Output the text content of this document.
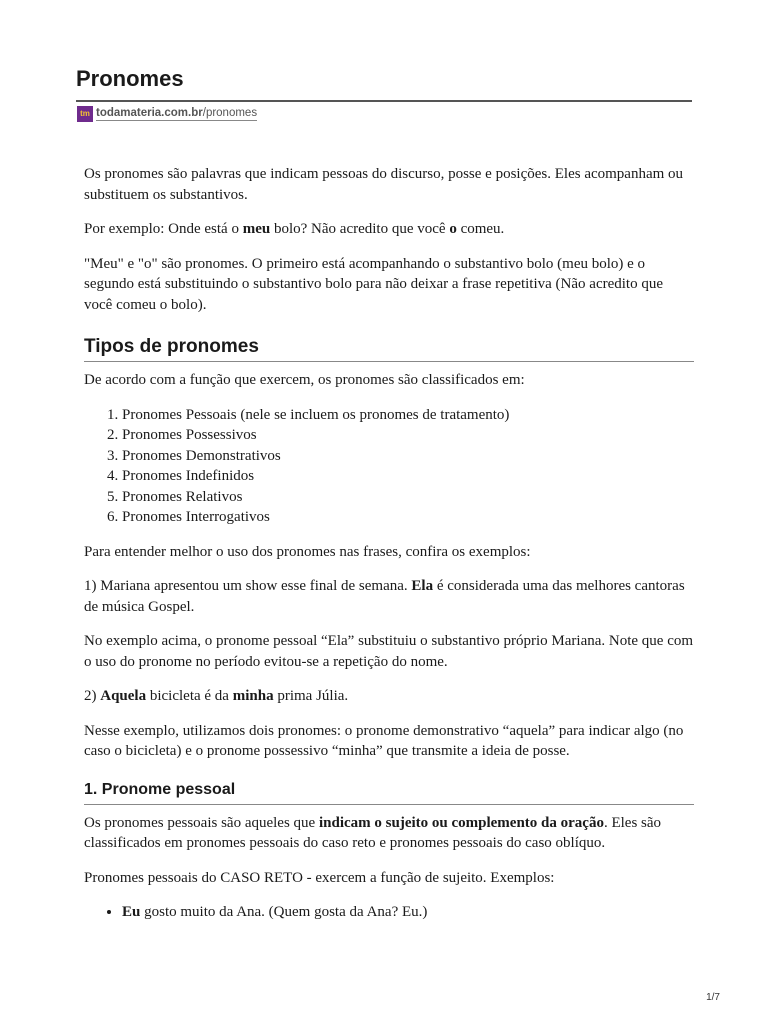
Pronomes
tm todamateria.com.br/pronomes

Os pronomes são palavras que indicam pessoas do discurso, posse e posições. Eles acompanham ou substituem os substantivos.

Por exemplo: Onde está o meu bolo? Não acredito que você o comeu.

"Meu" e "o" são pronomes. O primeiro está acompanhando o substantivo bolo (meu bolo) e o segundo está substituindo o substantivo bolo para não deixar a frase repetitiva (Não acredito que você comeu o bolo).

Tipos de pronomes

De acordo com a função que exercem, os pronomes são classificados em:

1. Pronomes Pessoais (nele se incluem os pronomes de tratamento)
2. Pronomes Possessivos
3. Pronomes Demonstrativos
4. Pronomes Indefinidos
5. Pronomes Relativos
6. Pronomes Interrogativos

Para entender melhor o uso dos pronomes nas frases, confira os exemplos:

1) Mariana apresentou um show esse final de semana. Ela é considerada uma das melhores cantoras de música Gospel.

No exemplo acima, o pronome pessoal “Ela” substituiu o substantivo próprio Mariana. Note que com o uso do pronome no período evitou-se a repetição do nome.

2) Aquela bicicleta é da minha prima Júlia.

Nesse exemplo, utilizamos dois pronomes: o pronome demonstrativo “aquela” para indicar algo (no caso o bicicleta) e o pronome possessivo “minha” que transmite a ideia de posse.

1. Pronome pessoal

Os pronomes pessoais são aqueles que indicam o sujeito ou complemento da oração. Eles são classificados em pronomes pessoais do caso reto e pronomes pessoais do caso oblíquo.

Pronomes pessoais do CASO RETO - exercem a função de sujeito. Exemplos:

• Eu gosto muito da Ana. (Quem gosta da Ana? Eu.)
1/7
